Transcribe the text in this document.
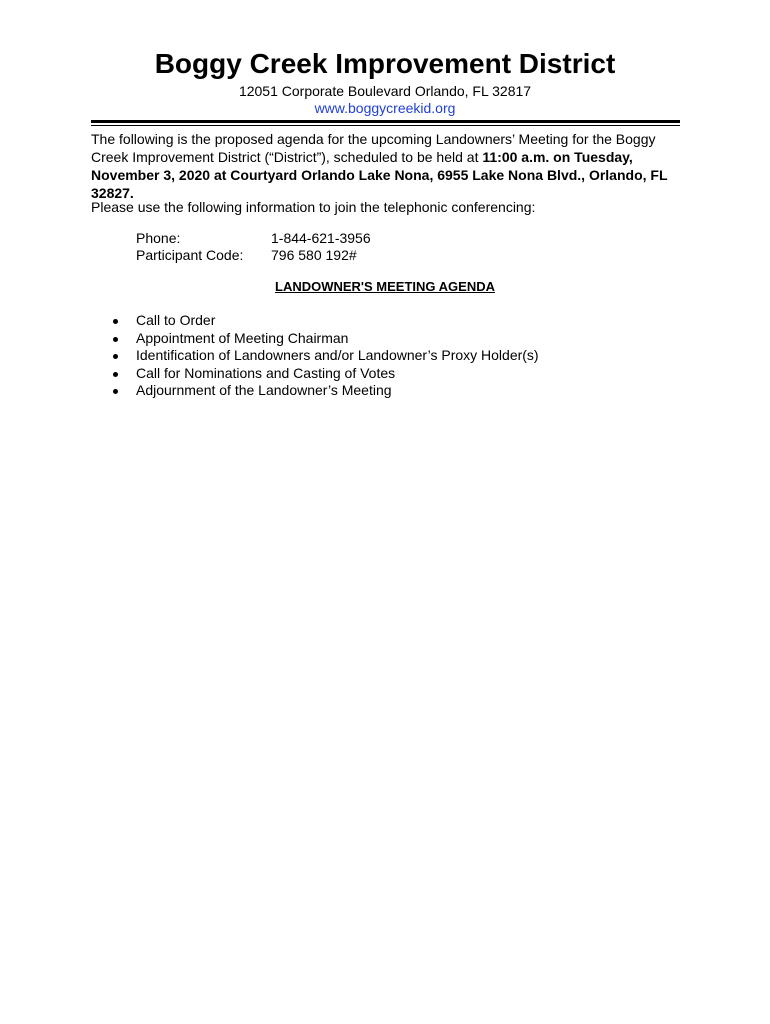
Boggy Creek Improvement District
12051 Corporate Boulevard Orlando, FL 32817
www.boggycreekid.org
The following is the proposed agenda for the upcoming Landowners’ Meeting for the Boggy Creek Improvement District (“District”), scheduled to be held at 11:00 a.m. on Tuesday, November 3, 2020 at Courtyard Orlando Lake Nona, 6955 Lake Nona Blvd., Orlando, FL 32827.
Please use the following information to join the telephonic conferencing:
Phone:	1-844-621-3956
Participant Code: 796 580 192#
LANDOWNER'S MEETING AGENDA
Call to Order
Appointment of Meeting Chairman
Identification of Landowners and/or Landowner’s Proxy Holder(s)
Call for Nominations and Casting of Votes
Adjournment of the Landowner’s Meeting
